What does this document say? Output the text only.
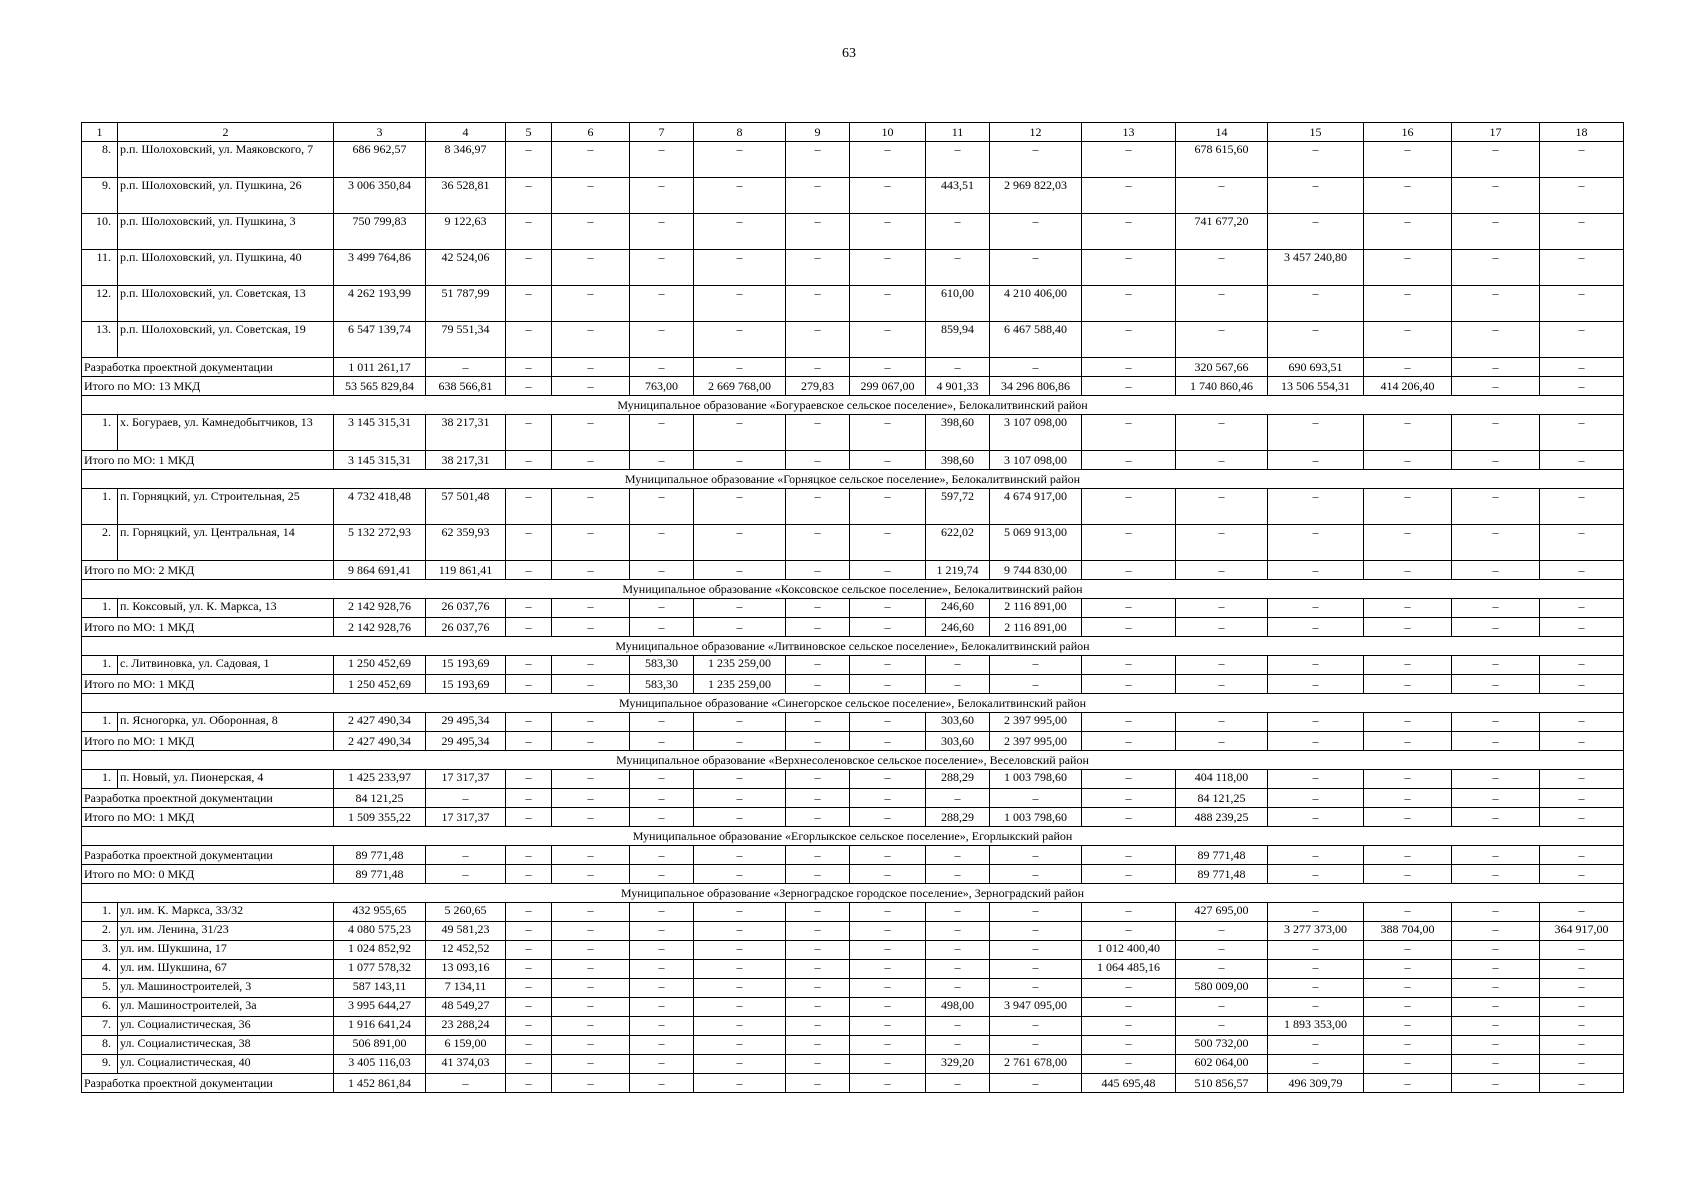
63
1	2	3	4	5	6	7	8	9	10	11	12	13	14	15	16	17	18
8.	р.п. Шолоховский, ул. Маяковского, 7	686 962,57	8 346,97	–	–	–	–	–	–	–	–	–	678 615,60	–	–	–	–
9.	р.п. Шолоховский, ул. Пушкина, 26	3 006 350,84	36 528,81	–	–	–	–	–	–	443,51	2 969 822,03	–	–	–	–	–	–
10.	р.п. Шолоховский, ул. Пушкина, 3	750 799,83	9 122,63	–	–	–	–	–	–	–	–	–	741 677,20	–	–	–	–
11.	р.п. Шолоховский, ул. Пушкина, 40	3 499 764,86	42 524,06	–	–	–	–	–	–	–	–	–	–	3 457 240,80	–	–	–
12.	р.п. Шолоховский, ул. Советская, 13	4 262 193,99	51 787,99	–	–	–	–	–	–	610,00	4 210 406,00	–	–	–	–	–	–
13.	р.п. Шолоховский, ул. Советская, 19	6 547 139,74	79 551,34	–	–	–	–	–	–	859,94	6 467 588,40	–	–	–	–	–	–
Разработка проектной документации		1 011 261,17	–	–	–	–	–	–	–	–	–	–	320 567,66	690 693,51	–	–	–
Итого по МО: 13 МКД		53 565 829,84	638 566,81	–	–	763,00	2 669 768,00	279,83	299 067,00	4 901,33	34 296 806,86	–	1 740 860,46	13 506 554,31	414 206,40	–	–
Муниципальное образование «Богураевское сельское поселение», Белокалитвинский район																	
1.	х. Богураев, ул. Камнедобытчиков, 13	3 145 315,31	38 217,31	–	–	–	–	–	–	398,60	3 107 098,00	–	–	–	–	–	–
Итого по МО: 1 МКД		3 145 315,31	38 217,31	–	–	–	–	–	–	398,60	3 107 098,00	–	–	–	–	–	–
Муниципальное образование «Горняцкое сельское поселение», Белокалитвинский район																	
1.	п. Горняцкий, ул. Строительная, 25	4 732 418,48	57 501,48	–	–	–	–	–	–	597,72	4 674 917,00	–	–	–	–	–	–
2.	п. Горняцкий, ул. Центральная, 14	5 132 272,93	62 359,93	–	–	–	–	–	–	622,02	5 069 913,00	–	–	–	–	–	–
Итого по МО: 2 МКД		9 864 691,41	119 861,41	–	–	–	–	–	–	1 219,74	9 744 830,00	–	–	–	–	–	–
Муниципальное образование «Коксовское сельское поселение», Белокалитвинский район																	
1.	п. Коксовый, ул. К. Маркса, 13	2 142 928,76	26 037,76	–	–	–	–	–	–	246,60	2 116 891,00	–	–	–	–	–	–
Итого по МО: 1 МКД		2 142 928,76	26 037,76	–	–	–	–	–	–	246,60	2 116 891,00	–	–	–	–	–	–
Муниципальное образование «Литвиновское сельское поселение», Белокалитвинский район																	
1.	с. Литвиновка, ул. Садовая, 1	1 250 452,69	15 193,69	–	–	583,30	1 235 259,00	–	–	–	–	–	–	–	–	–	–
Итого по МО: 1 МКД		1 250 452,69	15 193,69	–	–	583,30	1 235 259,00	–	–	–	–	–	–	–	–	–	–
Муниципальное образование «Синегорское сельское поселение», Белокалитвинский район																	
1.	п. Ясногорка, ул. Оборонная, 8	2 427 490,34	29 495,34	–	–	–	–	–	–	303,60	2 397 995,00	–	–	–	–	–	–
Итого по МО: 1 МКД		2 427 490,34	29 495,34	–	–	–	–	–	–	303,60	2 397 995,00	–	–	–	–	–	–
Муниципальное образование «Верхнесоленовское сельское поселение», Веселовский район																	
1.	п. Новый, ул. Пионерская, 4	1 425 233,97	17 317,37	–	–	–	–	–	–	288,29	1 003 798,60	–	404 118,00	–	–	–	–
Разработка проектной документации		84 121,25	–	–	–	–	–	–	–	–	–	–	84 121,25	–	–	–	–
Итого по МО: 1 МКД		1 509 355,22	17 317,37	–	–	–	–	–	–	288,29	1 003 798,60	–	488 239,25	–	–	–	–
Муниципальное образование «Егорлыкское сельское поселение», Егорлыкский район																	
Разработка проектной документации		89 771,48	–	–	–	–	–	–	–	–	–	–	89 771,48	–	–	–	–
Итого по МО: 0 МКД		89 771,48	–	–	–	–	–	–	–	–	–	–	89 771,48	–	–	–	–
Муниципальное образование «Зерноградское городское поселение», Зерноградский район																	
1.	ул. им. К. Маркса, 33/32	432 955,65	5 260,65	–	–	–	–	–	–	–	–	–	427 695,00	–	–	–	–
2.	ул. им. Ленина, 31/23	4 080 575,23	49 581,23	–	–	–	–	–	–	–	–	–	–	3 277 373,00	388 704,00	–	364 917,00
3.	ул. им. Шукшина, 17	1 024 852,92	12 452,52	–	–	–	–	–	–	–	–	1 012 400,40	–	–	–	–	–
4.	ул. им. Шукшина, 67	1 077 578,32	13 093,16	–	–	–	–	–	–	–	–	1 064 485,16	–	–	–	–	–
5.	ул. Машиностроителей, 3	587 143,11	7 134,11	–	–	–	–	–	–	–	–	–	580 009,00	–	–	–	–
6.	ул. Машиностроителей, 3а	3 995 644,27	48 549,27	–	–	–	–	–	–	498,00	3 947 095,00	–	–	–	–	–	–
7.	ул. Социалистическая, 36	1 916 641,24	23 288,24	–	–	–	–	–	–	–	–	–	–	1 893 353,00	–	–	–
8.	ул. Социалистическая, 38	506 891,00	6 159,00	–	–	–	–	–	–	–	–	–	500 732,00	–	–	–	–
9.	ул. Социалистическая, 40	3 405 116,03	41 374,03	–	–	–	–	–	–	329,20	2 761 678,00	–	602 064,00	–	–	–	–
Разработка проектной документации		1 452 861,84	–	–	–	–	–	–	–	–	–	445 695,48	510 856,57	496 309,79	–	–	–
